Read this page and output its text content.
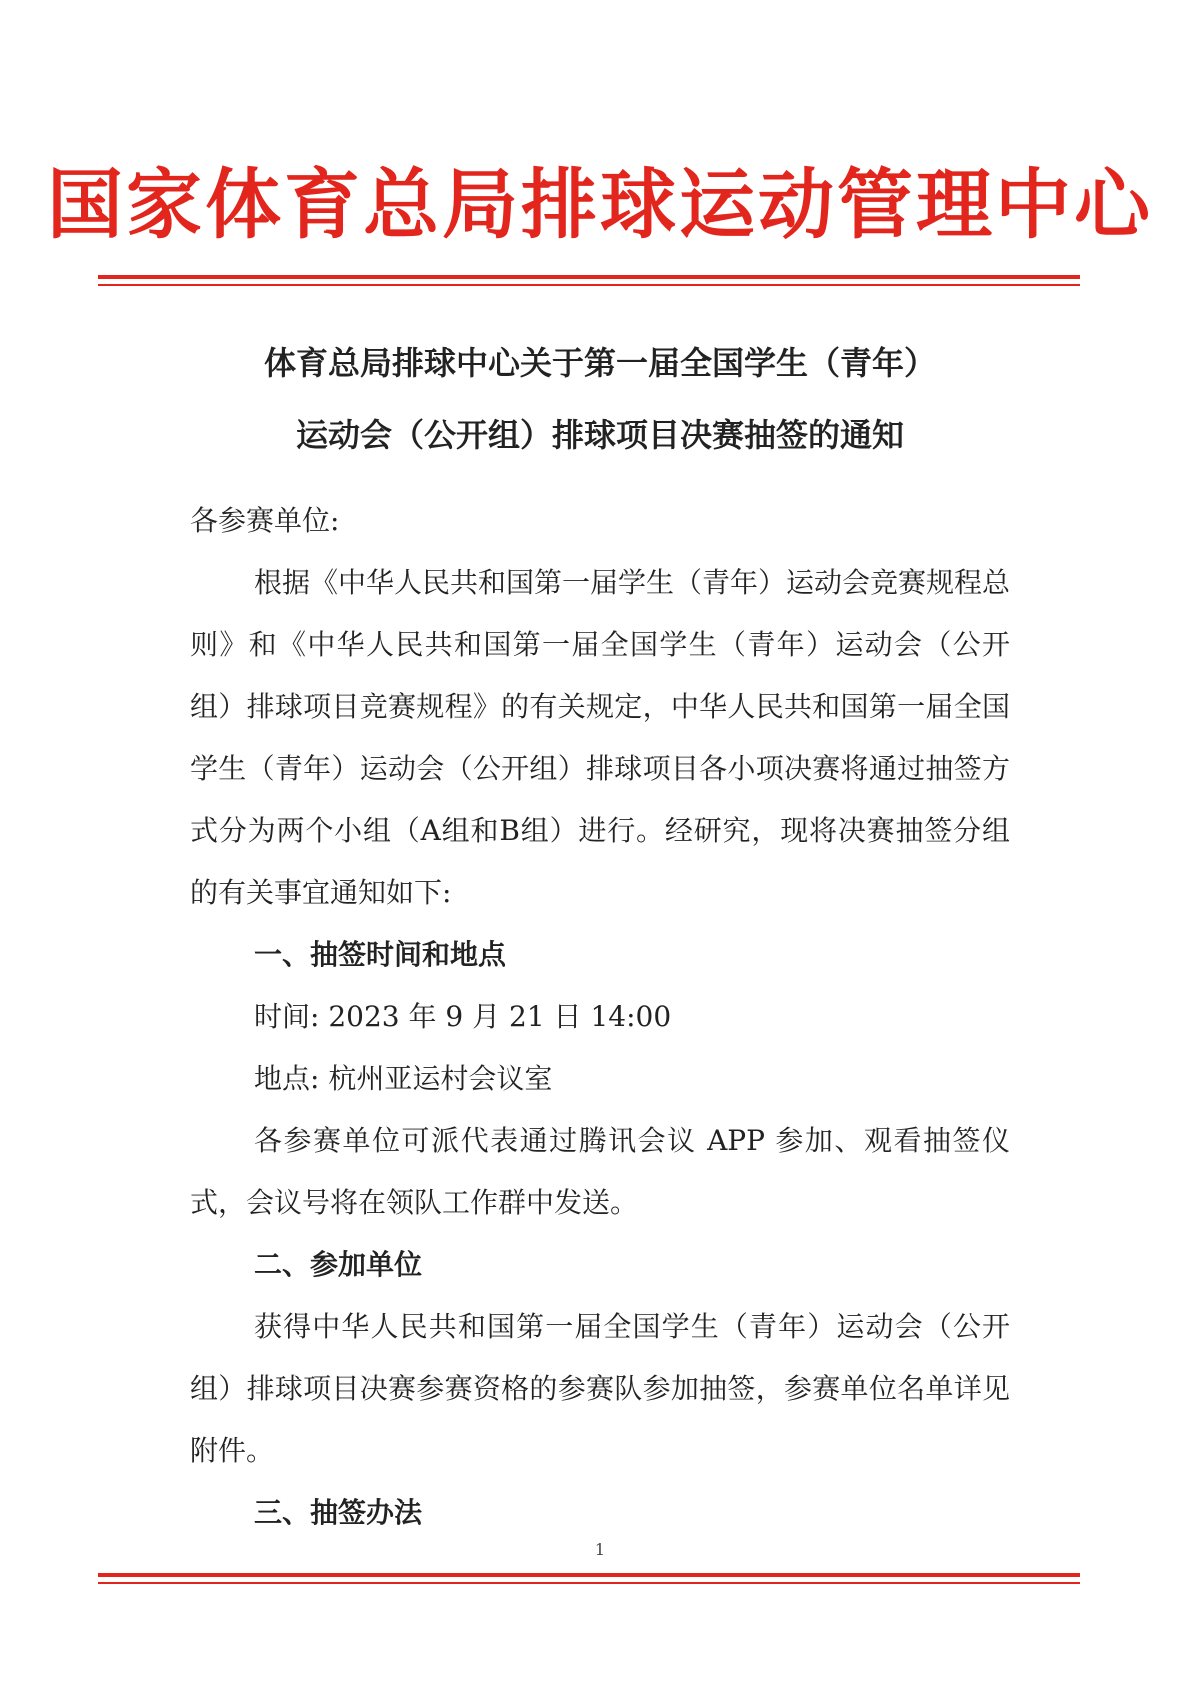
国家体育总局排球运动管理中心
体育总局排球中心关于第一届全国学生（青年）
运动会（公开组）排球项目决赛抽签的通知

各参赛单位:

根据《中华人民共和国第一届学生（青年）运动会竞赛规程总则》和《中华人民共和国第一届全国学生（青年）运动会（公开组）排球项目竞赛规程》的有关规定，中华人民共和国第一届全国学生（青年）运动会（公开组）排球项目各小项决赛将通过抽签方式分为两个小组（A组和B组）进行。经研究，现将决赛抽签分组的有关事宜通知如下:

一、抽签时间和地点

时间: 2023 年 9 月 21 日 14:00

地点: 杭州亚运村会议室

各参赛单位可派代表通过腾讯会议 APP 参加、观看抽签仪式，会议号将在领队工作群中发送。

二、参加单位

获得中华人民共和国第一届全国学生（青年）运动会（公开组）排球项目决赛参赛资格的参赛队参加抽签，参赛单位名单详见附件。

三、抽签办法

1
